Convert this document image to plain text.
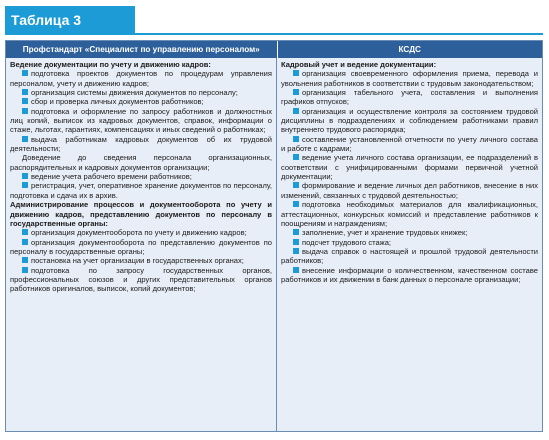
Таблица 3
Профстандарт «Специалист по управлению персоналом»	КСДС

Ведение документации по учету и движению кадров:

подготовка проектов документов по процедурам управления персоналом, учету и движению кадров;

организация системы движения документов по персоналу;

сбор и проверка личных документов работников;

подготовка и оформление по запросу работников и должностных лиц копий, выписок из кадровых документов, справок, информации о стаже, льготах, гарантиях, компенсациях и иных сведений о работниках;

выдача работникам кадровых документов об их трудовой деятельности;

Доведение до сведения персонала организационных, распорядительных и кадровых документов организации;

ведение учета рабочего времени работников;

регистрация, учет, оперативное хранение документов по персоналу, подготовка и сдача их в архив.

Администрирование процессов и документооборота по учету и движению кадров, представлению документов по персоналу в государственные органы:

организация документооборота по учету и движению кадров;

организация документооборота по представлению документов по персоналу в государственные органы;

постановка на учет организации в государственных органах;

подготовка по запросу государственных органов, профессиональных союзов и других представительных органов работников оригиналов, выписок, копий документов;

Кадровый учет и ведение документации:

организация своевременного оформления приема, перевода и увольнения работников в соответствии с трудовым законодательством;

организация табельного учета, составления и выполнения графиков отпусков;

организация и осуществление контроля за состоянием трудовой дисциплины в подразделениях и соблюдением работниками правил внутреннего трудового распорядка;

составление установленной отчетности по учету личного состава и работе с кадрами;

ведение учета личного состава организации, ее подразделений в соответствии с унифицированными формами первичной учетной документации;

формирование и ведение личных дел работников, внесение в них изменений, связанных с трудовой деятельностью;

подготовка необходимых материалов для квалификационных, аттестационных, конкурсных комиссий и представление работников к поощрениям и награждениям;

заполнение, учет и хранение трудовых книжек;

подсчет трудового стажа;

выдача справок о настоящей и прошлой трудовой деятельности работников;

внесение информации о количественном, качественном составе работников и их движении в банк данных о персонале организации;
